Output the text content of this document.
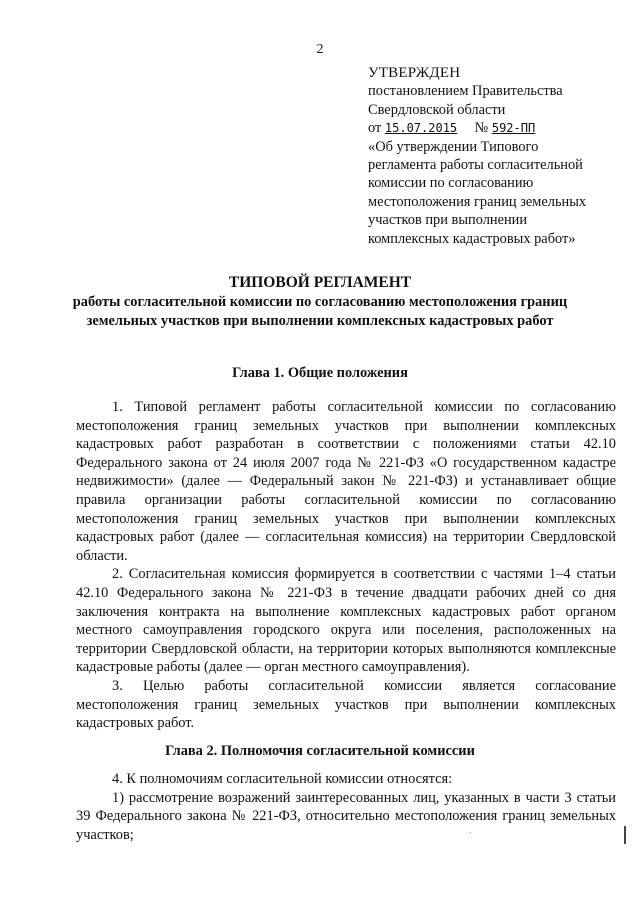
2
УТВЕРЖДЕН
постановлением Правительства
Свердловской области
от 15.07.2015 № 592-ПП
«Об утверждении Типового
регламента работы согласительной
комиссии по согласованию
местоположения границ земельных
участков при выполнении
комплексных кадастровых работ»
ТИПОВОЙ РЕГЛАМЕНТ
работы согласительной комиссии по согласованию местоположения границ земельных участков при выполнении комплексных кадастровых работ
Глава 1. Общие положения

1. Типовой регламент работы согласительной комиссии по согласованию местоположения границ земельных участков при выполнении комплексных кадастровых работ разработан в соответствии с положениями статьи 42.10 Федерального закона от 24 июля 2007 года № 221-ФЗ «О государственном кадастре недвижимости» (далее — Федеральный закон № 221-ФЗ) и устанавливает общие правила организации работы согласительной комиссии по согласованию местоположения границ земельных участков при выполнении комплексных кадастровых работ (далее — согласительная комиссия) на территории Свердловской области.

2. Согласительная комиссия формируется в соответствии с частями 1–4 статьи 42.10 Федерального закона № 221-ФЗ в течение двадцати рабочих дней со дня заключения контракта на выполнение комплексных кадастровых работ органом местного самоуправления городского округа или поселения, расположенных на территории Свердловской области, на территории которых выполняются комплексные кадастровые работы (далее — орган местного самоуправления).

3. Целью работы согласительной комиссии является согласование местоположения границ земельных участков при выполнении комплексных кадастровых работ.

Глава 2. Полномочия согласительной комиссии

4. К полномочиям согласительной комиссии относятся:

1) рассмотрение возражений заинтересованных лиц, указанных в части 3 статьи 39 Федерального закона № 221-ФЗ, относительно местоположения границ земельных участков;
